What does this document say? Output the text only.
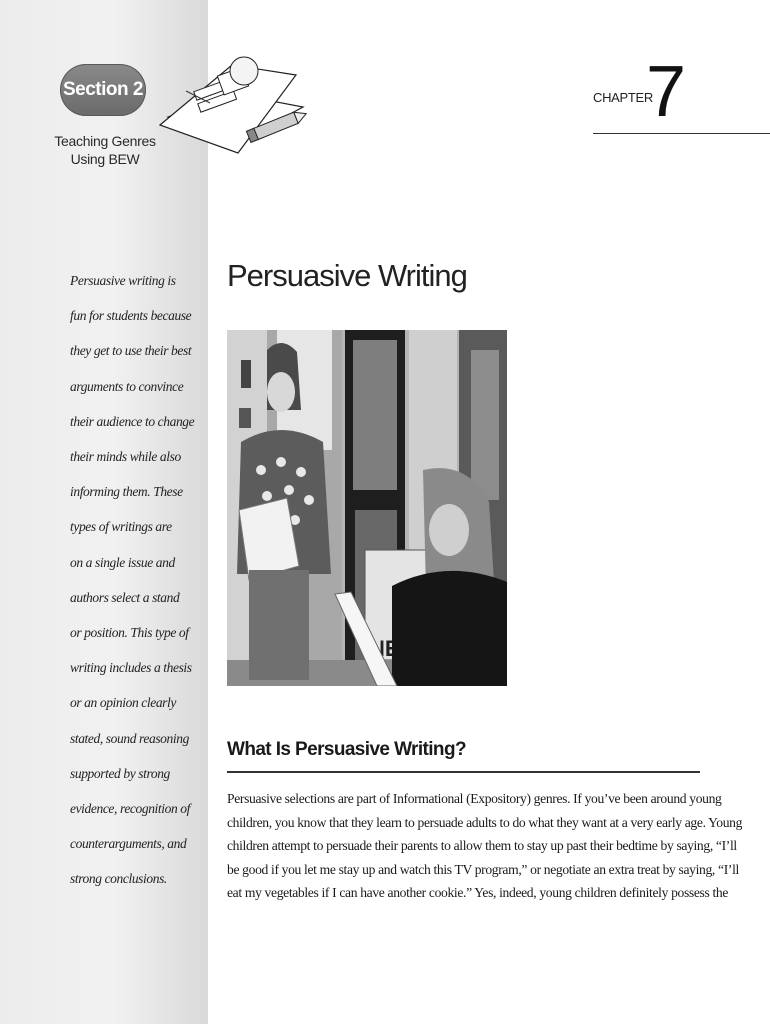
Section 2
Teaching Genres
Using BEW
Persuasive writing is
fun for students because
they get to use their best
arguments to convince
their audience to change
their minds while also
informing them. These
types of writings are
on a single issue and
authors select a stand
or position. This type of
writing includes a thesis
or an opinion clearly
stated, sound reasoning
supported by strong
evidence, recognition of
counterarguments, and
strong conclusions.
CHAPTER
7
Persuasive Writing
What Is Persuasive Writing?
Persuasive selections are part of Informational (Expository) genres. If you’ve been around young
children, you know that they learn to persuade adults to do what they want at a very early age. Young
children attempt to persuade their parents to allow them to stay up past their bedtime by saying, “I’ll
be good if you let me stay up and watch this TV program,” or negotiate an extra treat by saying, “I’ll
eat my vegetables if I can have another cookie.” Yes, indeed, young children definitely possess the
